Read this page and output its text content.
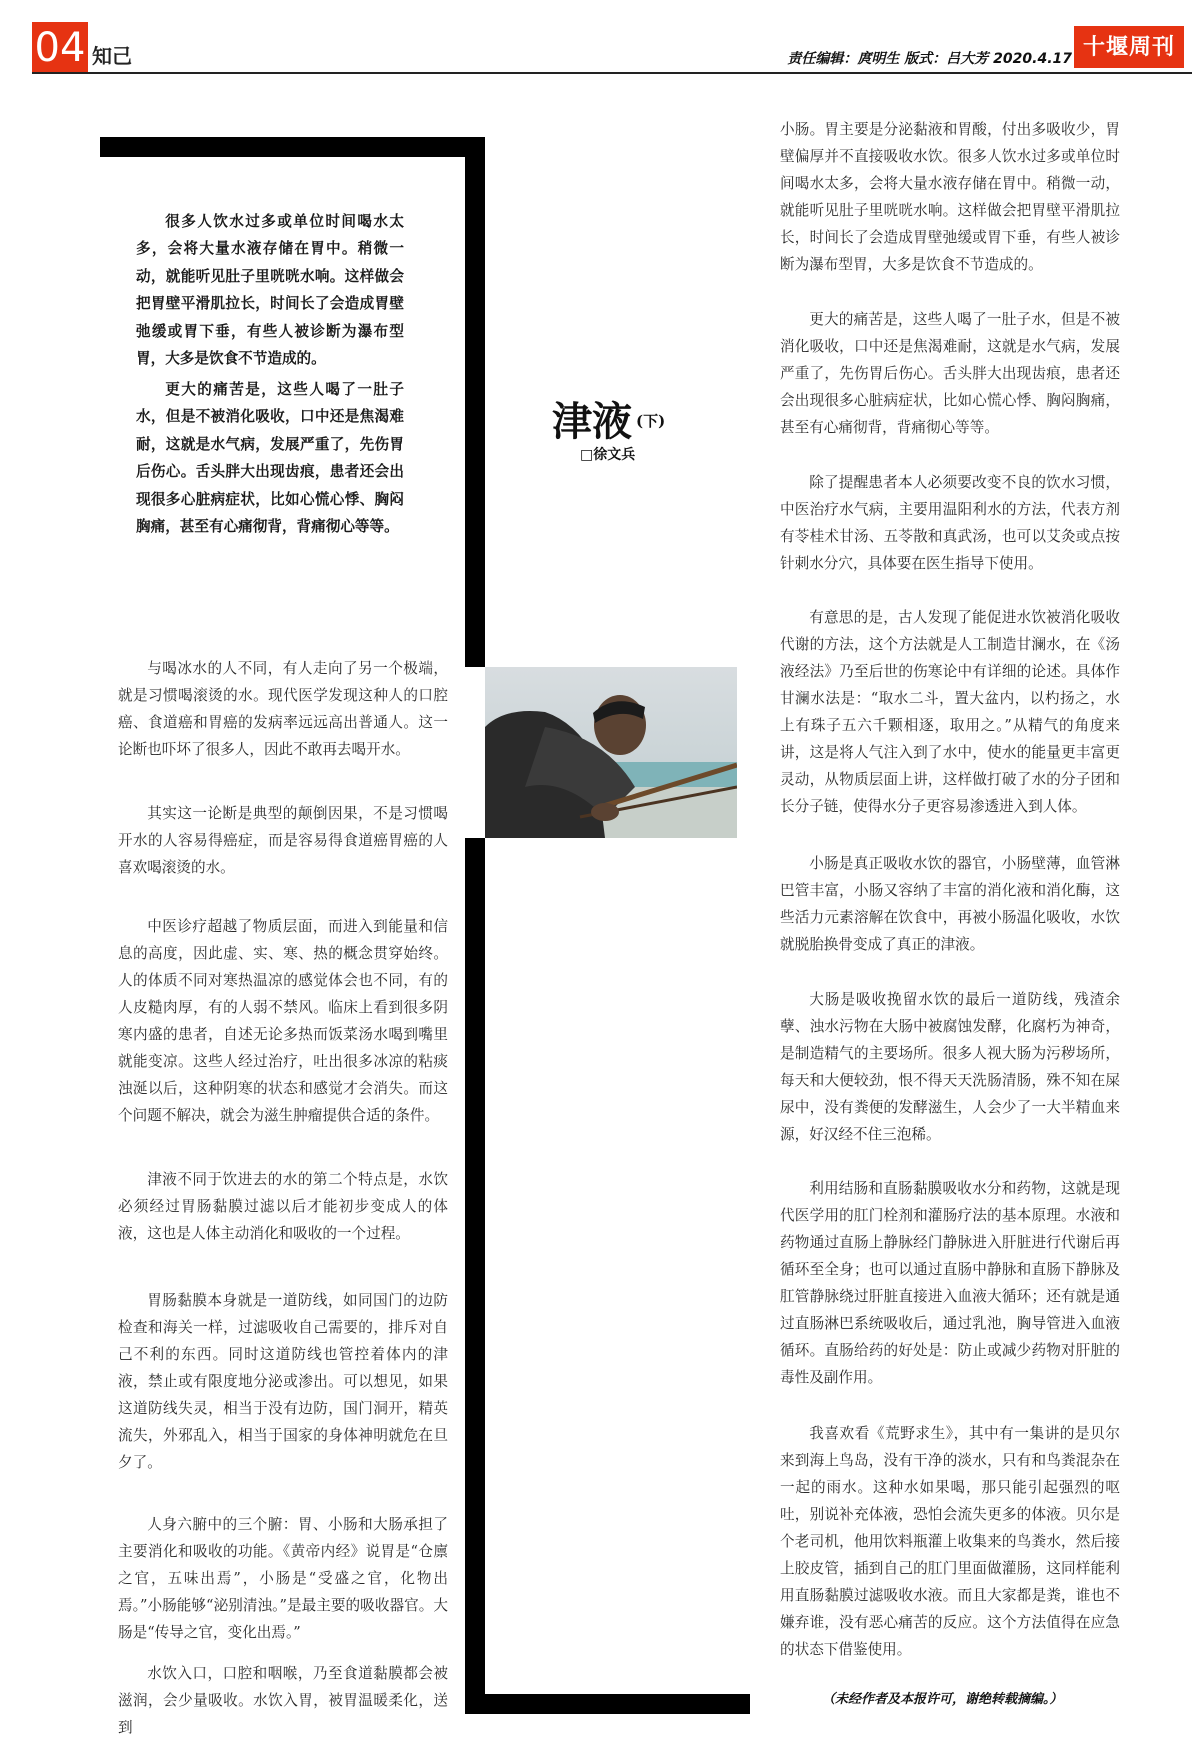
04 知己	责任编辑：庹明生 版式：吕大芳 2020.4.17 十堰周刊

很多人饮水过多或单位时间喝水太多，会将大量水液存储在胃中。稍微一动，就能听见肚子里咣咣水响。这样做会把胃壁平滑肌拉长，时间长了会造成胃壁弛缓或胃下垂，有些人被诊断为瀑布型胃，大多是饮食不节造成的。

更大的痛苦是，这些人喝了一肚子水，但是不被消化吸收，口中还是焦渴难耐，这就是水气病，发展严重了，先伤胃后伤心。舌头胖大出现齿痕，患者还会出现很多心脏病症状，比如心慌心悸、胸闷胸痛，甚至有心痛彻背，背痛彻心等等。

津液 (下)
□徐文兵

与喝冰水的人不同，有人走向了另一个极端，就是习惯喝滚烫的水。现代医学发现这种人的口腔癌、食道癌和胃癌的发病率远远高出普通人。这一论断也吓坏了很多人，因此不敢再去喝开水。

其实这一论断是典型的颠倒因果，不是习惯喝开水的人容易得癌症，而是容易得食道癌胃癌的人喜欢喝滚烫的水。

中医诊疗超越了物质层面，而进入到能量和信息的高度，因此虚、实、寒、热的概念贯穿始终。人的体质不同对寒热温凉的感觉体会也不同，有的人皮糙肉厚，有的人弱不禁风。临床上看到很多阴寒内盛的患者，自述无论多热而饭菜汤水喝到嘴里就能变凉。这些人经过治疗，吐出很多冰凉的粘痰浊涎以后，这种阴寒的状态和感觉才会消失。而这个问题不解决，就会为滋生肿瘤提供合适的条件。

津液不同于饮进去的水的第二个特点是，水饮必须经过胃肠黏膜过滤以后才能初步变成人的体液，这也是人体主动消化和吸收的一个过程。

胃肠黏膜本身就是一道防线，如同国门的边防检查和海关一样，过滤吸收自己需要的，排斥对自己不利的东西。同时这道防线也管控着体内的津液，禁止或有限度地分泌或渗出。可以想见，如果这道防线失灵，相当于没有边防，国门洞开，精英流失，外邪乱入，相当于国家的身体神明就危在旦夕了。

人身六腑中的三个腑：胃、小肠和大肠承担了主要消化和吸收的功能。《黄帝内经》说胃是“仓廪之官，五味出焉”，小肠是“受盛之官，化物出焉。”小肠能够“泌别清浊。”是最主要的吸收器官。大肠是“传导之官，变化出焉。”

水饮入口，口腔和咽喉，乃至食道黏膜都会被滋润，会少量吸收。水饮入胃，被胃温暖柔化，送到

小肠。胃主要是分泌黏液和胃酸，付出多吸收少，胃壁偏厚并不直接吸收水饮。很多人饮水过多或单位时间喝水太多，会将大量水液存储在胃中。稍微一动，就能听见肚子里咣咣水响。这样做会把胃壁平滑肌拉长，时间长了会造成胃壁弛缓或胃下垂，有些人被诊断为瀑布型胃，大多是饮食不节造成的。

更大的痛苦是，这些人喝了一肚子水，但是不被消化吸收，口中还是焦渴难耐，这就是水气病，发展严重了，先伤胃后伤心。舌头胖大出现齿痕，患者还会出现很多心脏病症状，比如心慌心悸、胸闷胸痛，甚至有心痛彻背，背痛彻心等等。

除了提醒患者本人必须要改变不良的饮水习惯，中医治疗水气病，主要用温阳利水的方法，代表方剂有苓桂术甘汤、五苓散和真武汤，也可以艾灸或点按针刺水分穴，具体要在医生指导下使用。

有意思的是，古人发现了能促进水饮被消化吸收代谢的方法，这个方法就是人工制造甘澜水，在《汤液经法》乃至后世的伤寒论中有详细的论述。具体作甘澜水法是：“取水二斗，置大盆内，以杓扬之，水上有珠子五六千颗相逐，取用之。”从精气的角度来讲，这是将人气注入到了水中，使水的能量更丰富更灵动，从物质层面上讲，这样做打破了水的分子团和长分子链，使得水分子更容易渗透进入到人体。

小肠是真正吸收水饮的器官，小肠壁薄，血管淋巴管丰富，小肠又容纳了丰富的消化液和消化酶，这些活力元素溶解在饮食中，再被小肠温化吸收，水饮就脱胎换骨变成了真正的津液。

大肠是吸收挽留水饮的最后一道防线，残渣余孽、浊水污物在大肠中被腐蚀发酵，化腐朽为神奇，是制造精气的主要场所。很多人视大肠为污秽场所，每天和大便较劲，恨不得天天洗肠清肠，殊不知在屎尿中，没有粪便的发酵滋生，人会少了一大半精血来源，好汉经不住三泡稀。

利用结肠和直肠黏膜吸收水分和药物，这就是现代医学用的肛门栓剂和灌肠疗法的基本原理。水液和药物通过直肠上静脉经门静脉进入肝脏进行代谢后再循环至全身；也可以通过直肠中静脉和直肠下静脉及肛管静脉绕过肝脏直接进入血液大循环；还有就是通过直肠淋巴系统吸收后，通过乳池，胸导管进入血液循环。直肠给药的好处是：防止或减少药物对肝脏的毒性及副作用。

我喜欢看《荒野求生》，其中有一集讲的是贝尔来到海上鸟岛，没有干净的淡水，只有和鸟粪混杂在一起的雨水。这种水如果喝，那只能引起强烈的呕吐，别说补充体液，恐怕会流失更多的体液。贝尔是个老司机，他用饮料瓶灌上收集来的鸟粪水，然后接上胶皮管，插到自己的肛门里面做灌肠，这同样能利用直肠黏膜过滤吸收水液。而且大家都是粪，谁也不嫌弃谁，没有恶心痛苦的反应。这个方法值得在应急的状态下借鉴使用。

（未经作者及本报许可，谢绝转载摘编。）
